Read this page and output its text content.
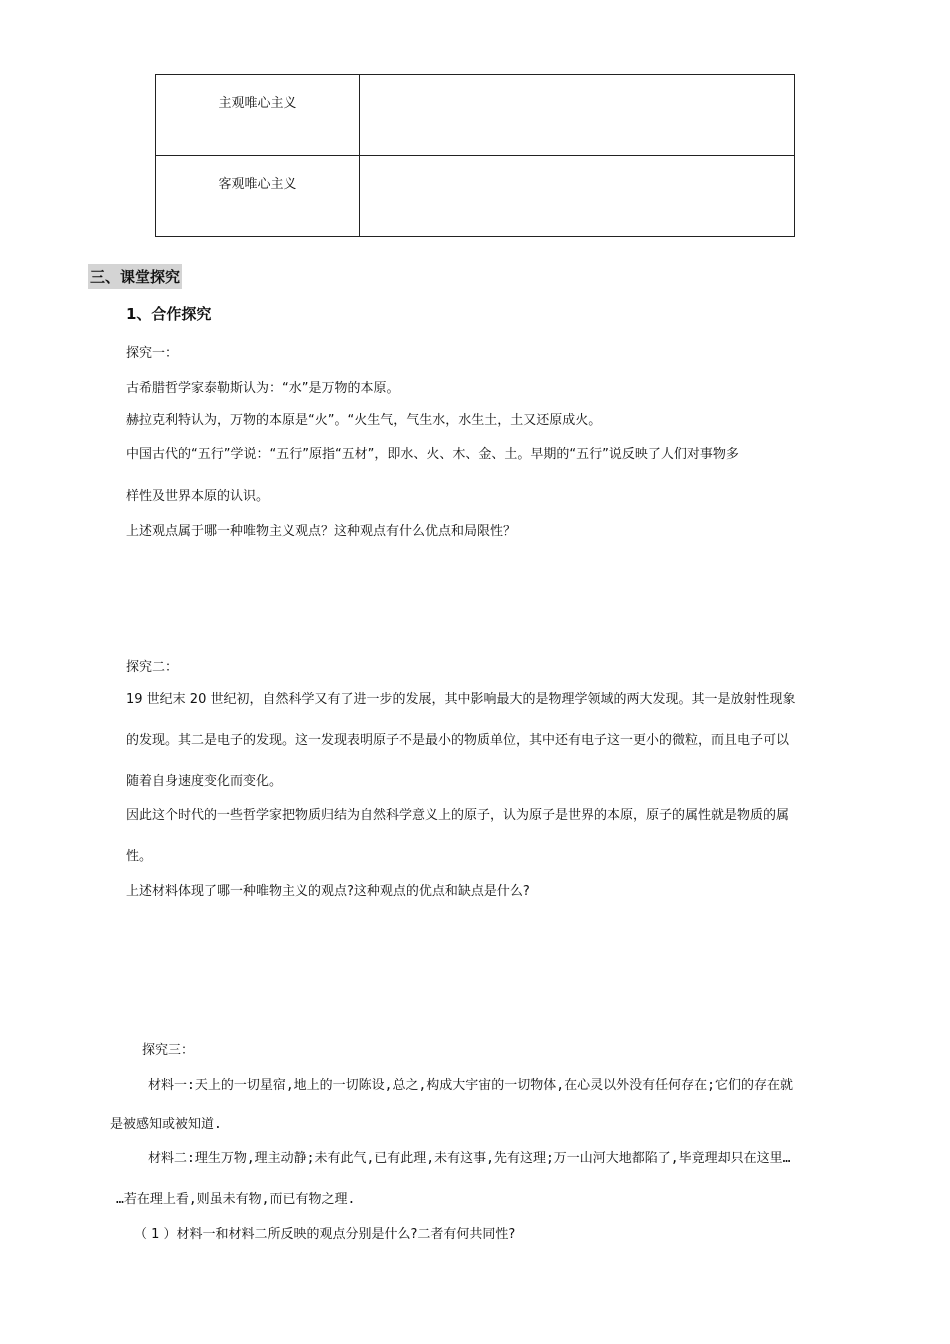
主观唯心主义
客观唯心主义
三、课堂探究
1、合作探究
探究一：
古希腊哲学家泰勒斯认为：“水”是万物的本原。
赫拉克利特认为，万物的本原是“火”。“火生气，气生水，水生土，土又还原成火。
中国古代的“五行”学说：“五行”原指“五材”，即水、火、木、金、土。早期的“五行”说反映了人们对事物多
样性及世界本原的认识。
上述观点属于哪一种唯物主义观点？这种观点有什么优点和局限性？
探究二：
19 世纪末 20 世纪初，自然科学又有了进一步的发展，其中影响最大的是物理学领域的两大发现。其一是放射性现象
的发现。其二是电子的发现。这一发现表明原子不是最小的物质单位，其中还有电子这一更小的微粒，而且电子可以
随着自身速度变化而变化。
因此这个时代的一些哲学家把物质归结为自然科学意义上的原子，认为原子是世界的本原，原子的属性就是物质的属
性。
上述材料体现了哪一种唯物主义的观点?这种观点的优点和缺点是什么?
探究三：
材料一:天上的一切星宿,地上的一切陈设,总之,构成大宇宙的一切物体,在心灵以外没有任何存在;它们的存在就
是被感知或被知道.
材料二:理生万物,理主动静;未有此气,已有此理,未有这事,先有这理;万一山河大地都陷了,毕竟理却只在这里…
…若在理上看,则虽未有物,而已有物之理.
（ 1 ）材料一和材料二所反映的观点分别是什么?二者有何共同性?
